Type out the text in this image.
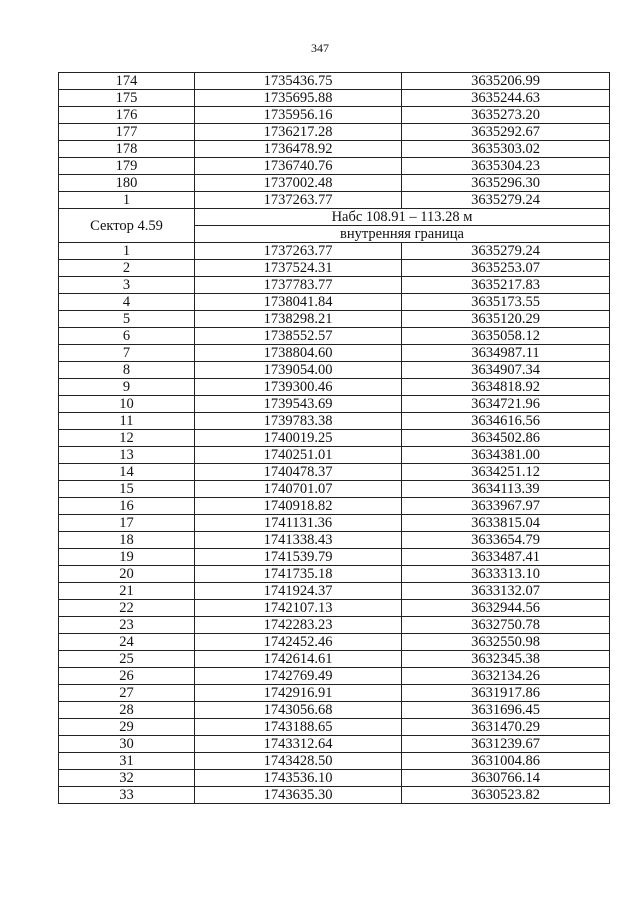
347
174	1735436.75	3635206.99
175	1735695.88	3635244.63
176	1735956.16	3635273.20
177	1736217.28	3635292.67
178	1736478.92	3635303.02
179	1736740.76	3635304.23
180	1737002.48	3635296.30
1	1737263.77	3635279.24
Сектор 4.59	Набс 108.91 – 113.28 м	
	внутренняя граница	
1	1737263.77	3635279.24
2	1737524.31	3635253.07
3	1737783.77	3635217.83
4	1738041.84	3635173.55
5	1738298.21	3635120.29
6	1738552.57	3635058.12
7	1738804.60	3634987.11
8	1739054.00	3634907.34
9	1739300.46	3634818.92
10	1739543.69	3634721.96
11	1739783.38	3634616.56
12	1740019.25	3634502.86
13	1740251.01	3634381.00
14	1740478.37	3634251.12
15	1740701.07	3634113.39
16	1740918.82	3633967.97
17	1741131.36	3633815.04
18	1741338.43	3633654.79
19	1741539.79	3633487.41
20	1741735.18	3633313.10
21	1741924.37	3633132.07
22	1742107.13	3632944.56
23	1742283.23	3632750.78
24	1742452.46	3632550.98
25	1742614.61	3632345.38
26	1742769.49	3632134.26
27	1742916.91	3631917.86
28	1743056.68	3631696.45
29	1743188.65	3631470.29
30	1743312.64	3631239.67
31	1743428.50	3631004.86
32	1743536.10	3630766.14
33	1743635.30	3630523.82
